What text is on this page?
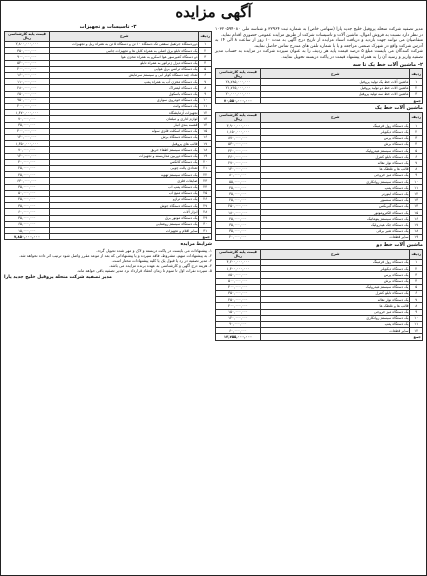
آگهی مزایده

مدیر تصفیه شرکت منحله پروفیل خلیج جدید پارا (سهامی خاص) به شماره ثبت ۳۲۹۶۴ و شناسه ملی ۱۰۳۲۰۵۹۴۰۸۰ در نظر دارد نسبت به فروش اموال، ماشین آلات و تاسیسات شرکت از طریق مزایده عمومی حضوری اقدام نماید.

متقاضیان می توانند جهت بازدید و دریافت اسناد مزایده از تاریخ درج آگهی به مدت ۱۰ روز از ساعت ۸ الی ۱۴ به آدرس شرکت واقع در شهرک صنعتی مراجعه و یا با شماره تلفن های مندرج تماس حاصل نمایند.

شرکت کنندگان می بایست مبلغ ۵ درصد قیمت پایه هر ردیف را به عنوان سپرده شرکت در مزایده به حساب مدیر تصفیه واریز و رسید آن را به همراه پیشنهاد قیمت در پاکت دربسته تحویل نمایند.

۲- ماشین آلات خط یک تا سه
ردیف	شرح	قیمت پایه کارشناسی ریال
۱	ماشین آلات خط یک تولید پروفیل	۲۸,۷۸۵,۰۰۰,۰۰۰
۲	ماشین آلات خط دو تولید پروفیل	۲۱,۷۶۵,۰۰۰,۰۰۰
۳	ماشین آلات خط سه تولید پروفیل	۲۰,۰۰۰,۰۰۰,۰۰۰
جمع		۷۰,۵۵۰,۰۰۰,۰۰۰
ماشین آلات خط یک
ردیف	شرح	قیمت پایه کارشناسی ریال
۱	یک دستگاه رول فرمینگ	۳,۹۰۰,۰۰۰,۰۰۰
۲	یک دستگاه دیکویلر	۱,۱۵۰,۰۰۰,۰۰۰
۳	یک دستگاه پرس	۸۷۰,۰۰۰,۰۰۰
۴	یک دستگاه برش	۵۳۰,۰۰۰,۰۰۰
۵	یک دستگاه سیستم هیدرولیک	۴۲۰,۰۰۰,۰۰۰
۶	یک دستگاه تابلو کنترل	۳۶۰,۰۰۰,۰۰۰
۷	یک دستگاه نوار نقاله	۲۷۰,۰۰۰,۰۰۰
۸	قالب ها و غلطک ها	۱۴۰,۰۰۰,۰۰۰
۹	یک دستگاه میز خروجی	۸۰,۰۰۰,۰۰۰
۱۰	یک دستگاه سیستم روانکاری	۵۵,۰۰۰,۰۰۰
۱۱	یک دستگاه پمپ	۴۵,۰۰۰,۰۰۰
۱۲	یک دستگاه اینورتر	۳۵,۰۰۰,۰۰۰
۱۳	یک دستگاه سنسور	۲۵,۰۰۰,۰۰۰
۱۴	یک دستگاه گیربکس	۲۵۰,۰۰۰,۰۰۰
۱۵	یک دستگاه الکتروموتور	۱۸۰,۰۰۰,۰۰۰
۱۶	یک دستگاه سیستم پنوماتیک	۴۵,۰۰۰,۰۰۰
۱۷	یک دستگاه جک هیدرولیک	۳۵,۰۰۰,۰۰۰
۱۸	یک دستگاه شیر برقی	۳۵,۰۰۰,۰۰۰
۱۹	سایر قطعات	۲۰,۰۰۰,۰۰۰
ماشین آلات خط دو
ردیف	شرح	قیمت پایه کارشناسی ریال
۱	یک دستگاه رول فرمینگ	۴,۲۰۰,۰۰۰,۰۰۰
۲	یک دستگاه دیکویلر	۱,۳۰۰,۰۰۰,۰۰۰
۳	یک دستگاه پرس	۸۵۰,۰۰۰,۰۰۰
۴	یک دستگاه برش	۵۰۰,۰۰۰,۰۰۰
۵	یک دستگاه سیستم هیدرولیک	۴۰۰,۰۰۰,۰۰۰
۶	یک دستگاه تابلو کنترل	۳۵۰,۰۰۰,۰۰۰
۷	یک دستگاه نوار نقاله	۲۵۰,۰۰۰,۰۰۰
۸	قالب ها و غلطک ها	۲۰۰,۰۰۰,۰۰۰
۹	یک دستگاه میز خروجی	۱۵۰,۰۰۰,۰۰۰
۱۰	یک دستگاه سیستم روانکاری	۱۲۰,۰۰۰,۰۰۰
۱۱	یک دستگاه پمپ	۹۰,۰۰۰,۰۰۰
۱۲	سایر قطعات	۶۰,۰۰۰,۰۰۰
جمع		۱۳,۷۵۵,۰۰۰,۰۰۰
۳- تاسیسات و تجهیزات
ردیف	شرح	قیمت پایه کارشناسی ریال
۱	دوردستگاه جرثقیل سقفی تک دستگاه ۱۰ تن و دستگاه ۵ تن به همراه ریل و تجهیزات	۲,۸۰۰,۰۰۰,۰۰۰
۲	یک دستگاه تابلو برق اصلی به همراه کابل ها و تجهیزات جانبی	۳۵۰,۰۰۰,۰۰۰
۳	دو دستگاه کمپرسور هوا اسکرو به همراه مخزن هوا	۹۰۰,۰۰۰,۰۰۰
۴	یک دستگاه دیزل ژنراتور به همراه تابلو	۵۲۰,۰۰۰,۰۰۰
۵	یک دستگاه ترانس برق هوایی	۲۰۰,۰۰۰,۰۰۰
۶	تعداد چند دستگاه کولر آبی و سیستم سرمایش	۱۶۰,۰۰۰,۰۰۰
۷	یک دستگاه مخزن آب به همراه پمپ	۱۱۰,۰۰۰,۰۰۰
۸	یک دستگاه لیفتراک	۲۸۰,۰۰۰,۰۰۰
۹	یک دستگاه باسکول	۶۵۰,۰۰۰,۰۰۰
۱۰	یک دستگاه خودروی سواری	۹۵۰,۰۰۰,۰۰۰
۱۱	یک دستگاه وانت	۲۰۰,۰۰۰,۰۰۰
۱۲	تجهیزات آزمایشگاه	۱,۴۷۰,۰۰۰,۰۰۰
۱۳	لوازم اداری و مبلمان	۷۰,۰۰۰,۰۰۰
۱۴	قفسه بندی انبار	۳۵,۰۰۰,۰۰۰
۱۵	یک دستگاه اسکلت فلزی سوله	۴۰۰,۰۰۰,۰۰۰
۱۶	یک دستگاه دستگاه برش	۱۴۰,۰۰۰,۰۰۰
۱۷	قالب های پروفیل	۱,۳۵۰,۰۰۰,۰۰۰
۱۸	یک دستگاه سیستم اطفاء حریق	۷۰,۰۰۰,۰۰۰
۱۹	یک دستگاه دوربین مداربسته و تجهیزات	۱۲۰,۰۰۰,۰۰۰
۲۰	یک دستگاه کانکس	۴۰,۰۰۰,۰۰۰
۲۱	تعدادی پالت چوبی	۲۵,۰۰۰,۰۰۰
۲۲	یک دستگاه سیستم تهویه	۴۵,۰۰۰,۰۰۰
۲۳	ضایعات فلزی	۶۳۰,۰۰۰,۰۰۰
۲۴	یک دستگاه پمپ آب	۳۵,۰۰۰,۰۰۰
۲۵	یک دستگاه منبع آب	۵۰,۰۰۰,۰۰۰
۲۶	یک دستگاه ترازو	۴۵,۰۰۰,۰۰۰
۲۷	یک دستگاه دستگاه جوش	۳۵,۰۰۰,۰۰۰
۲۸	ابزار آلات	۶۰,۰۰۰,۰۰۰
۲۹	یک دستگاه موتور برق	۳۵,۰۰۰,۰۰۰
۳۰	یک دستگاه سیستم روشنایی	۶۵,۰۰۰,۰۰۰
۳۱	سایر اقلام و تجهیزات	۱۵,۰۰۰,۰۰۰
جمع		۷,۸۵۰,۰۰۰,۰۰۰
شرایط مزایده
۱- پیشنهادات می بایست در پاکت دربسته و لاک و مهر شده تحویل گردد.
۲- به پیشنهادات مبهم، مشروط، فاقد سپرده و یا پیشنهاداتی که بعد از موعد مقرر واصل شود ترتیب اثر داده نخواهد شد.
۳- مدیر تصفیه در رد یا قبول یک یا کلیه پیشنهادات مختار است.
۴- هزینه درج آگهی و کارشناسی به عهده برنده مزایده می باشد.
۵- سپرده نفرات اول تا سوم تا زمان انعقاد قرارداد نزد مدیر تصفیه باقی خواهد ماند.
مدیر تصفیه شرکت منحله پروفیل خلیج جدید پارا
